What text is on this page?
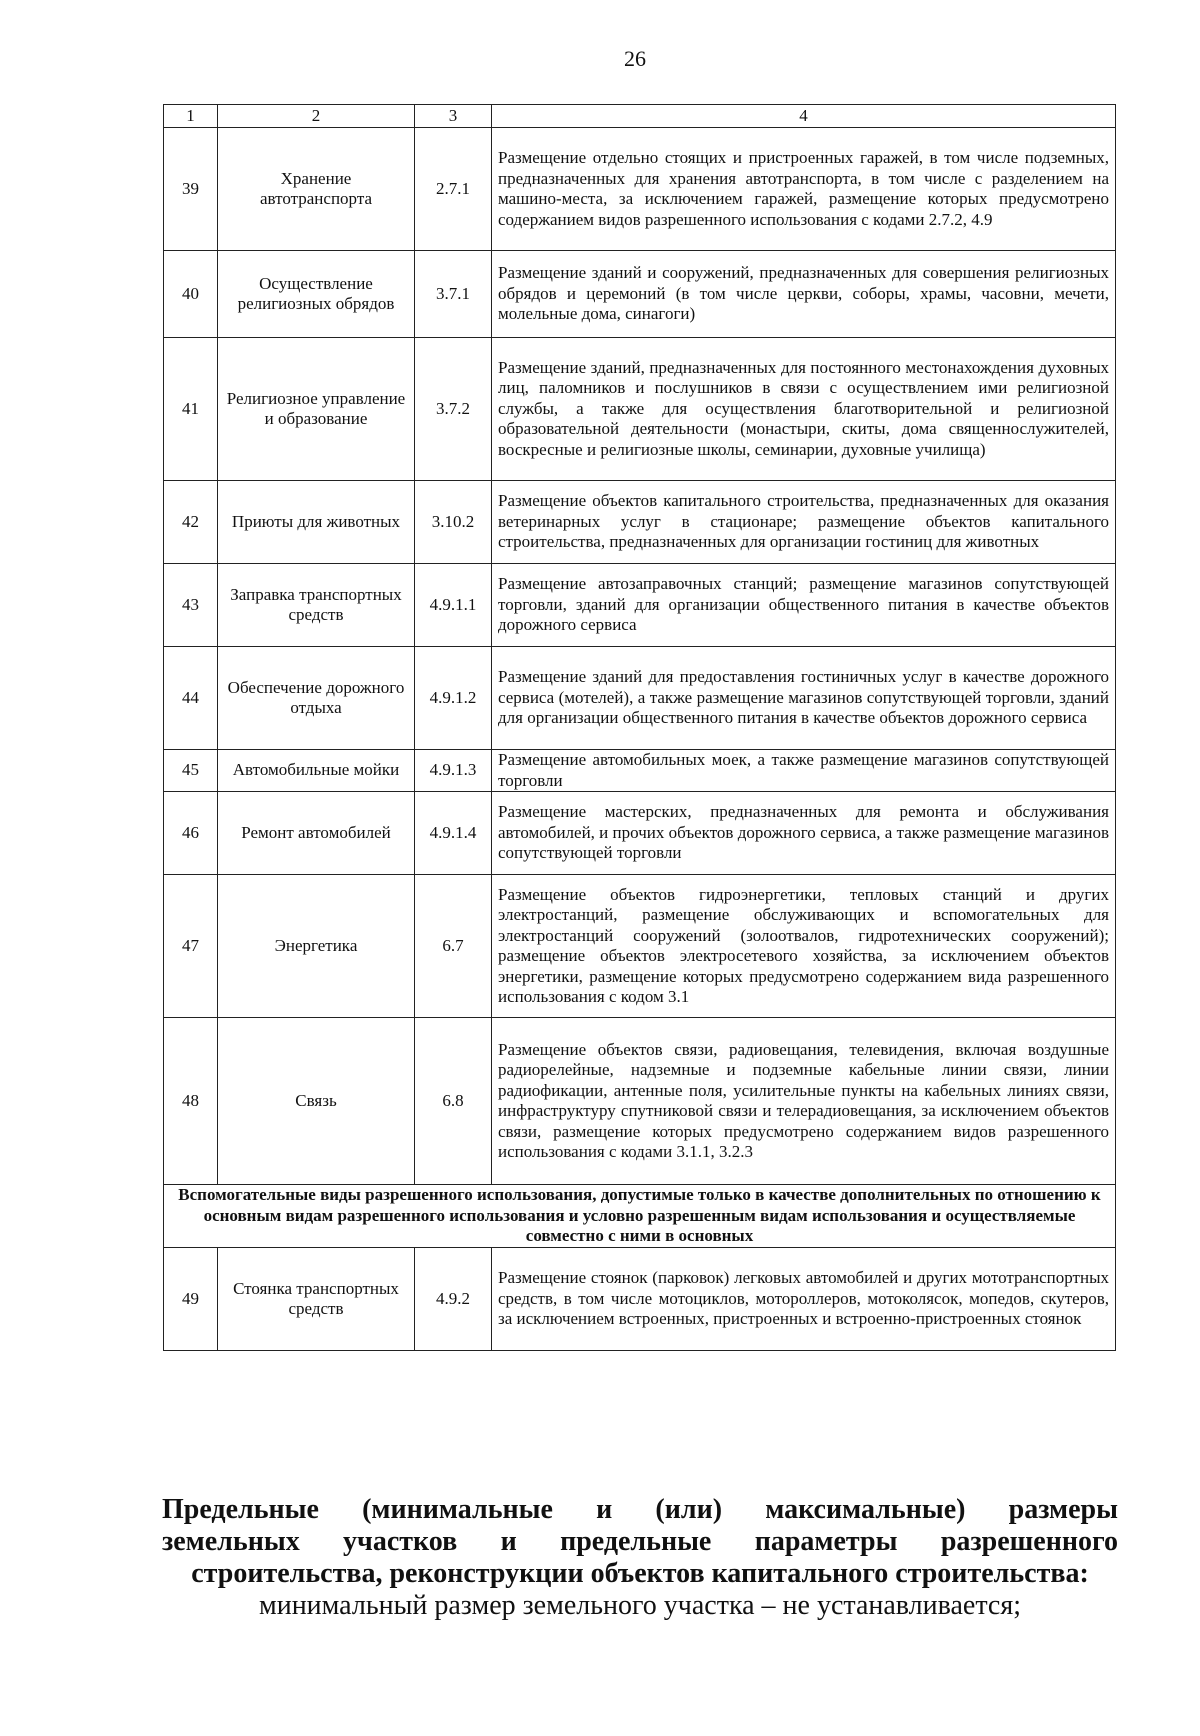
26
1	2	3	4
39	Хранение автотранспорта	2.7.1	Размещение отдельно стоящих и пристроенных гаражей, в том числе подземных, предназначенных для хранения автотранспорта, в том числе с разделением на машино-места, за исключением гаражей, размещение которых предусмотрено содержанием видов разрешенного использования с кодами 2.7.2, 4.9
40	Осуществление религиозных обрядов	3.7.1	Размещение зданий и сооружений, предназначенных для совершения религиозных обрядов и церемоний (в том числе церкви, соборы, храмы, часовни, мечети, молельные дома, синагоги)
41	Религиозное управление и образование	3.7.2	Размещение зданий, предназначенных для постоянного местонахождения духовных лиц, паломников и послушников в связи с осуществлением ими религиозной службы, а также для осуществления благотворительной и религиозной образовательной деятельности (монастыри, скиты, дома священнослужителей, воскресные и религиозные школы, семинарии, духовные училища)
42	Приюты для животных	3.10.2	Размещение объектов капитального строительства, предназначенных для оказания ветеринарных услуг в стационаре; размещение объектов капитального строительства, предназначенных для организации гостиниц для животных
43	Заправка транспортных средств	4.9.1.1	Размещение автозаправочных станций; размещение магазинов сопутствующей торговли, зданий для организации общественного питания в качестве объектов дорожного сервиса
44	Обеспечение дорожного отдыха	4.9.1.2	Размещение зданий для предоставления гостиничных услуг в качестве дорожного сервиса (мотелей), а также размещение магазинов сопутствующей торговли, зданий для организации общественного питания в качестве объектов дорожного сервиса
45	Автомобильные мойки	4.9.1.3	Размещение автомобильных моек, а также размещение магазинов сопутствующей торговли
46	Ремонт автомобилей	4.9.1.4	Размещение мастерских, предназначенных для ремонта и обслуживания автомобилей, и прочих объектов дорожного сервиса, а также размещение магазинов сопутствующей торговли
47	Энергетика	6.7	Размещение объектов гидроэнергетики, тепловых станций и других электростанций, размещение обслуживающих и вспомогательных для электростанций сооружений (золоотвалов, гидротехнических сооружений); размещение объектов электросетевого хозяйства, за исключением объектов энергетики, размещение которых предусмотрено содержанием вида разрешенного использования с кодом 3.1
48	Связь	6.8	Размещение объектов связи, радиовещания, телевидения, включая воздушные радиорелейные, надземные и подземные кабельные линии связи, линии радиофикации, антенные поля, усилительные пункты на кабельных линиях связи, инфраструктуру спутниковой связи и телерадиовещания, за исключением объектов связи, размещение которых предусмотрено содержанием видов разрешенного использования с кодами 3.1.1, 3.2.3
Вспомогательные виды разрешенного использования, допустимые только в качестве дополнительных по отношению к основным видам разрешенного использования и условно разрешенным видам использования и осуществляемые совместно с ними в основных			
49	Стоянка транспортных средств	4.9.2	Размещение стоянок (парковок) легковых автомобилей и других мототранспортных средств, в том числе мотоциклов, мотороллеров, мотоколясок, мопедов, скутеров, за исключением встроенных, пристроенных и встроенно-пристроенных стоянок
Предельные (минимальные и (или) максимальные) размеры
земельных участков и предельные параметры разрешенного
строительства, реконструкции объектов капитального строительства:
минимальный размер земельного участка – не устанавливается;
